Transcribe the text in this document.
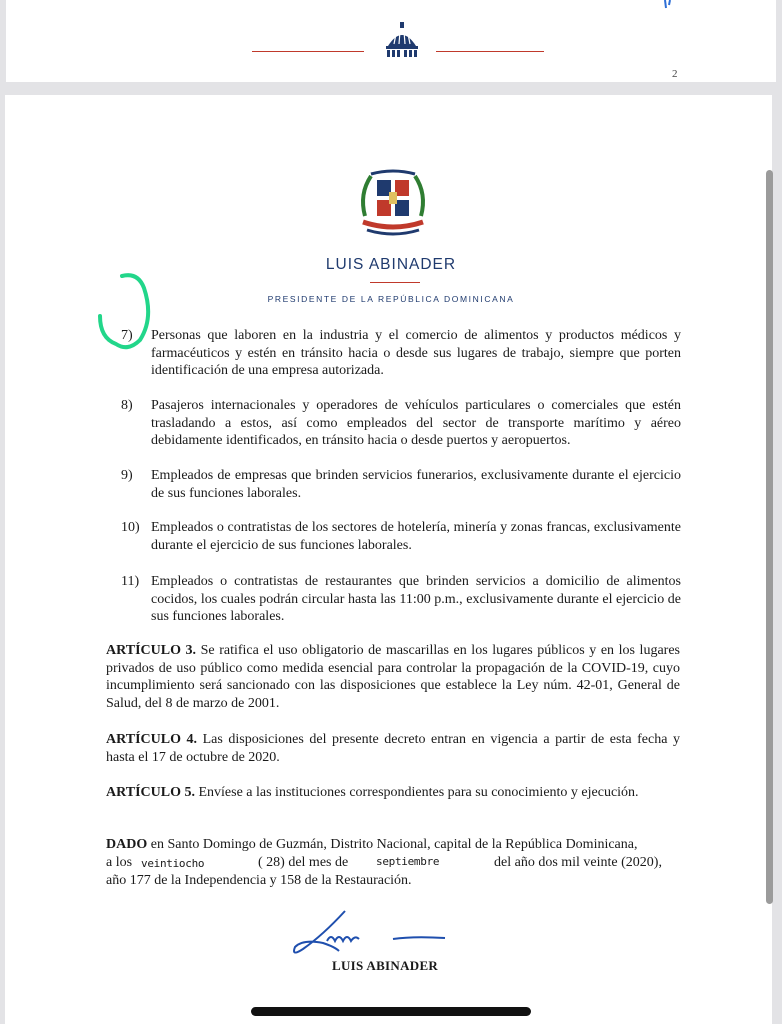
2
LUIS ABINADER
PRESIDENTE DE LA REPÚBLICA DOMINICANA
7)	Personas que laboren en la industria y el comercio de alimentos y productos médicos y farmacéuticos y estén en tránsito hacia o desde sus lugares de trabajo, siempre que porten identificación de una empresa autorizada.
8)	Pasajeros internacionales y operadores de vehículos particulares o comerciales que estén trasladando a estos, así como empleados del sector de transporte marítimo y aéreo debidamente identificados, en tránsito hacia o desde puertos y aeropuertos.
9)	Empleados de empresas que brinden servicios funerarios, exclusivamente durante el ejercicio de sus funciones laborales.
10) Empleados o contratistas de los sectores de hotelería, minería y zonas francas, exclusivamente durante el ejercicio de sus funciones laborales.
11) Empleados o contratistas de restaurantes que brinden servicios a domicilio de alimentos cocidos, los cuales podrán circular hasta las 11:00 p.m., exclusivamente durante el ejercicio de sus funciones laborales.
ARTÍCULO 3. Se ratifica el uso obligatorio de mascarillas en los lugares públicos y en los lugares privados de uso público como medida esencial para controlar la propagación de la COVID-19, cuyo incumplimiento será sancionado con las disposiciones que establece la Ley núm. 42-01, General de Salud, del 8 de marzo de 2001.
ARTÍCULO 4. Las disposiciones del presente decreto entran en vigencia a partir de esta fecha y hasta el 17 de octubre de 2020.
ARTÍCULO 5. Envíese a las instituciones correspondientes para su conocimiento y ejecución.
DADO en Santo Domingo de Guzmán, Distrito Nacional, capital de la República Dominicana,
a los veintiocho	( 28) del mes de	septiembre	del año dos mil veinte (2020),
año 177 de la Independencia y 158 de la Restauración.
LUIS ABINADER
